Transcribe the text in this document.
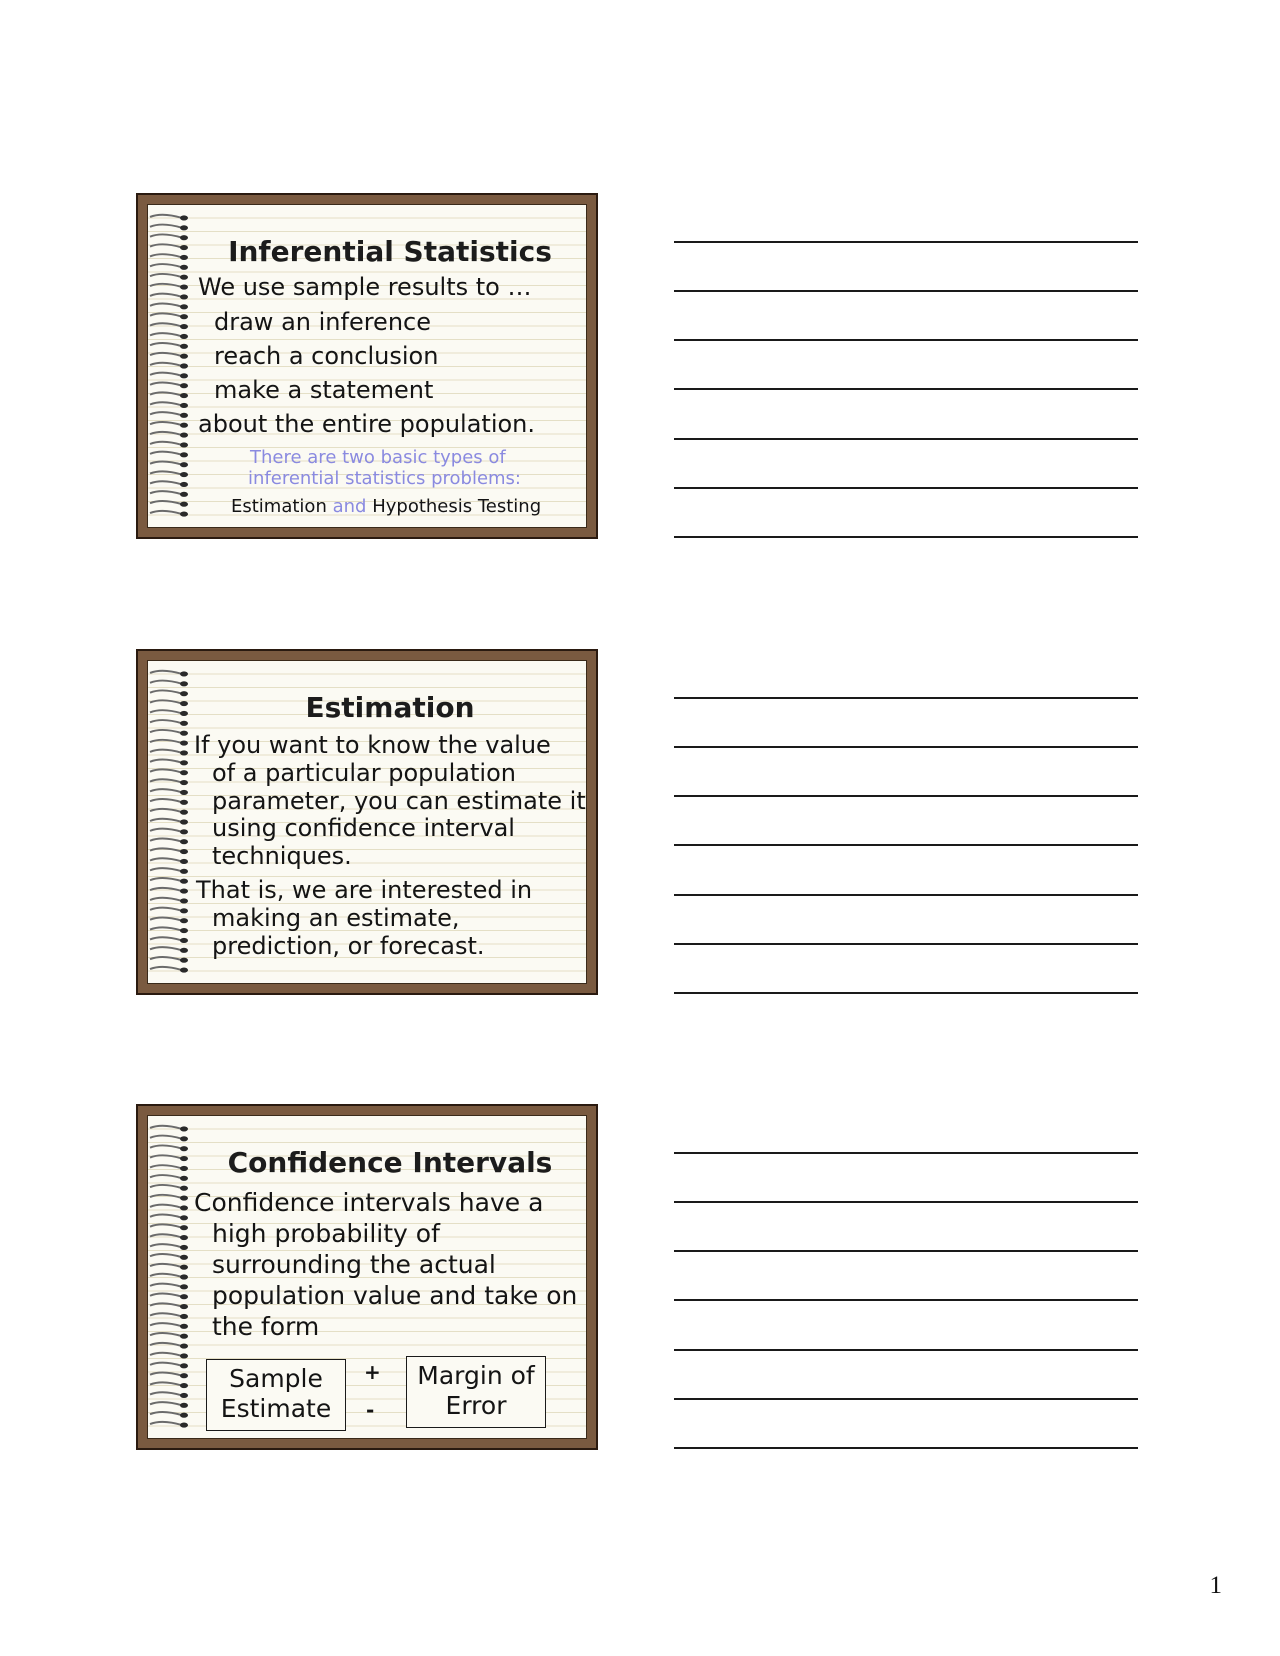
Inferential Statistics

We use sample results to …

draw an inference

reach a conclusion

make a statement

about the entire population.

There are two basic types of

inferential statistics problems:

Estimation and Hypothesis Testing

Estimation

If you want to know the value

of a particular population

parameter, you can estimate it

using confidence interval

techniques.

That is, we are interested in

making an estimate,

prediction, or forecast.

Confidence Intervals

Confidence intervals have a

high probability of

surrounding the actual

population value and take on

the form

Sample
Estimate
+
-
Margin of
Error
1
